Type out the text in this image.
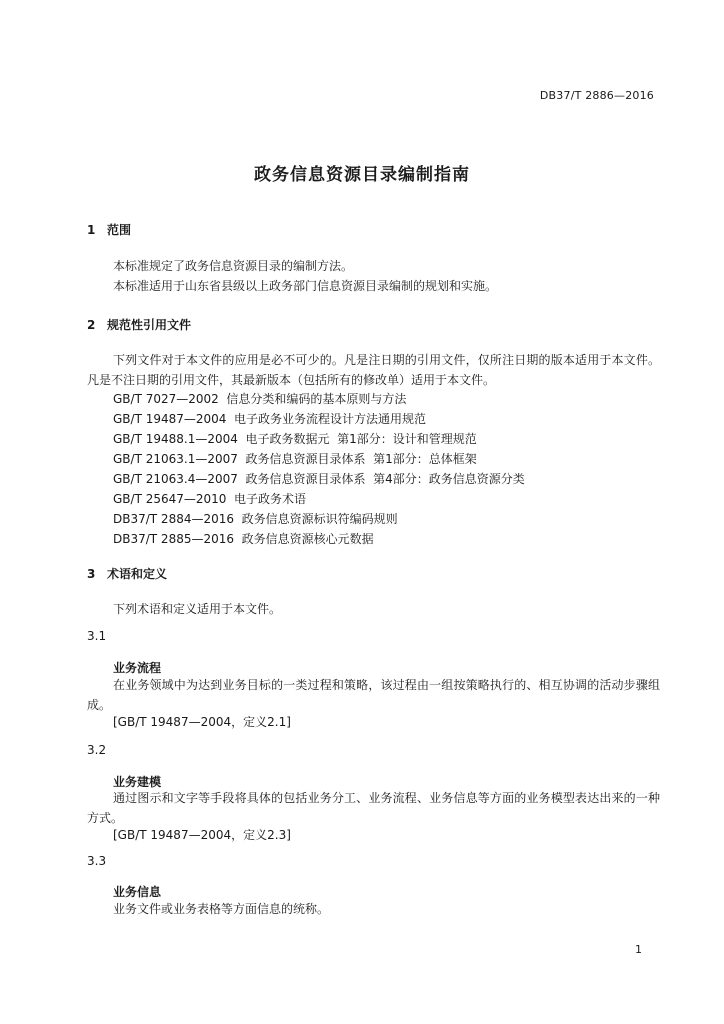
DB37/T 2886—2016
政务信息资源目录编制指南
1 范围

本标准规定了政务信息资源目录的编制方法。

本标准适用于山东省县级以上政务部门信息资源目录编制的规划和实施。

2 规范性引用文件

下列文件对于本文件的应用是必不可少的。凡是注日期的引用文件，仅所注日期的版本适用于本文件。凡是不注日期的引用文件，其最新版本（包括所有的修改单）适用于本文件。

GB/T 7027—2002  信息分类和编码的基本原则与方法
GB/T 19487—2004  电子政务业务流程设计方法通用规范
GB/T 19488.1—2004  电子政务数据元  第1部分：设计和管理规范
GB/T 21063.1—2007  政务信息资源目录体系  第1部分：总体框架
GB/T 21063.4—2007  政务信息资源目录体系  第4部分：政务信息资源分类
GB/T 25647—2010  电子政务术语
DB37/T 2884—2016  政务信息资源标识符编码规则
DB37/T 2885—2016  政务信息资源核心元数据
3 术语和定义

下列术语和定义适用于本文件。

3.1
业务流程

在业务领域中为达到业务目标的一类过程和策略，该过程由一组按策略执行的、相互协调的活动步骤组成。

[GB/T 19487—2004，定义2.1]
3.2
业务建模

通过图示和文字等手段将具体的包括业务分工、业务流程、业务信息等方面的业务模型表达出来的一种方式。

[GB/T 19487—2004，定义2.3]
3.3
业务信息

业务文件或业务表格等方面信息的统称。

1
